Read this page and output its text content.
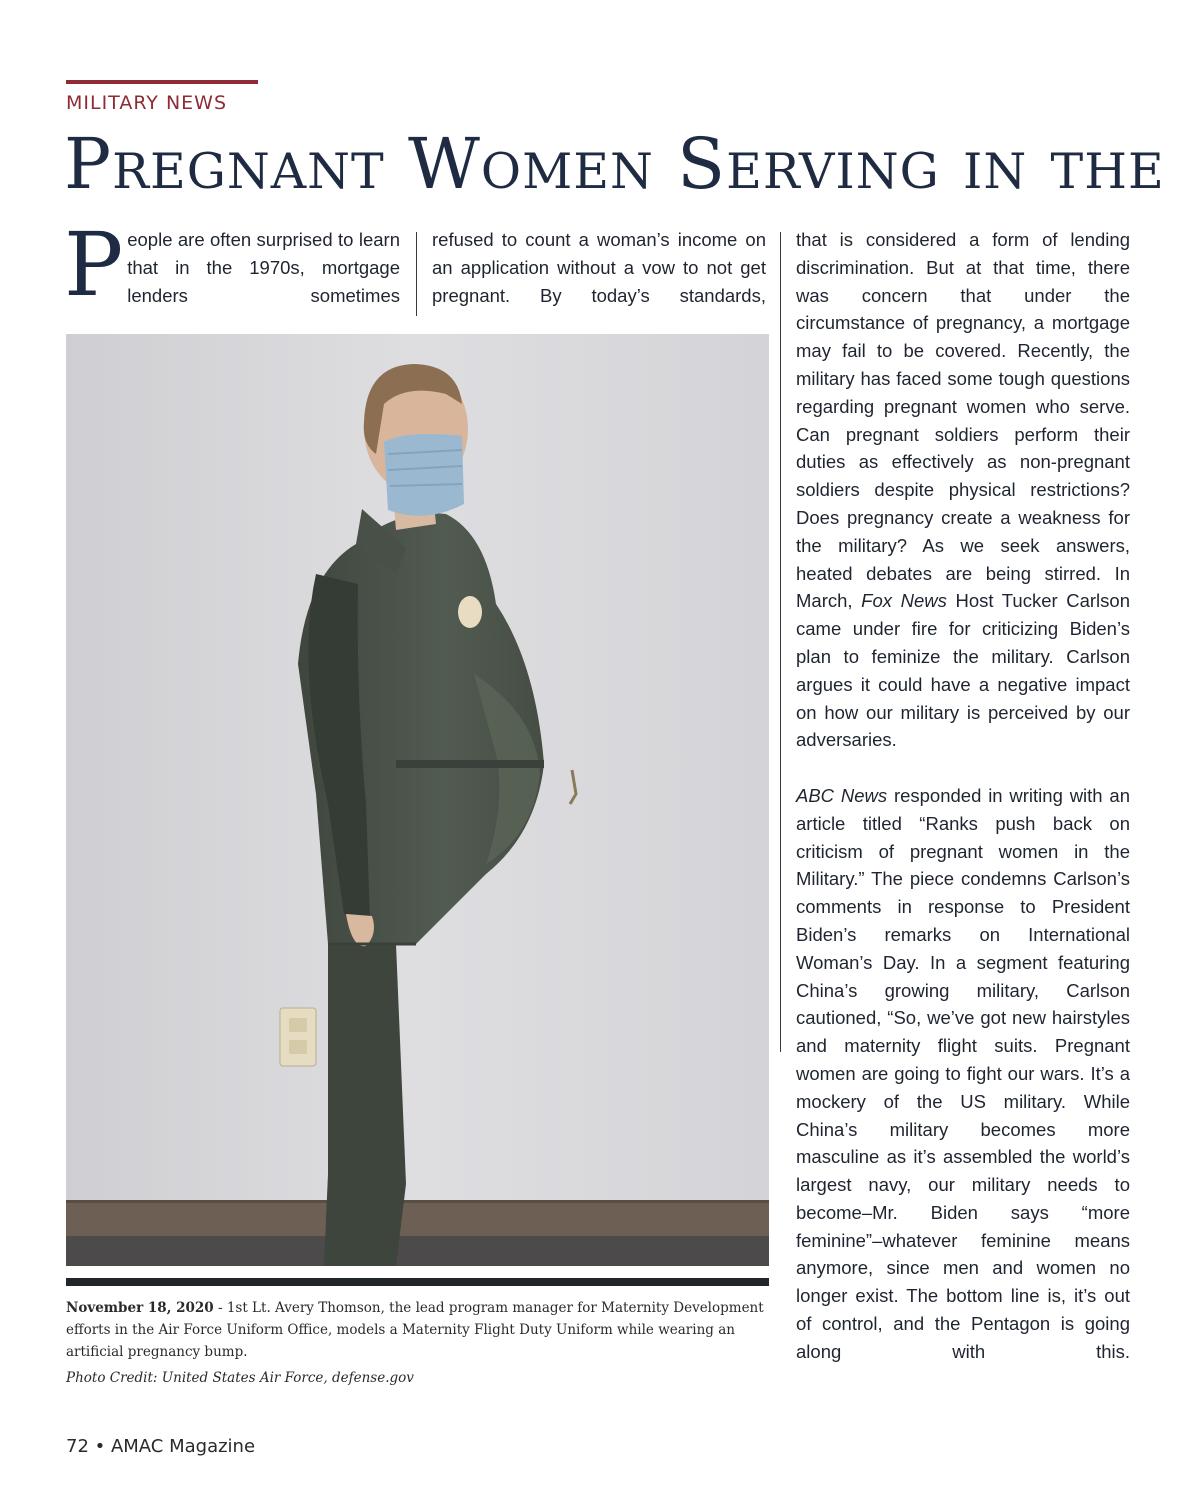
MILITARY NEWS
Pregnant Women Serving in the
P eople are often surprised to learn that in the 1970s, mortgage lenders sometimes
refused to count a woman’s income on an application without a vow to not get pregnant. By today’s standards,

that is considered a form of lending discrimination. But at that time, there was concern that under the circumstance of pregnancy, a mortgage may fail to be covered. Recently, the military has faced some tough questions regarding pregnant women who serve. Can pregnant soldiers perform their duties as effectively as non-pregnant soldiers despite physical restrictions? Does pregnancy create a weakness for the military? As we seek answers, heated debates are being stirred. In March, Fox News Host Tucker Carlson came under fire for criticizing Biden’s plan to feminize the military. Carlson argues it could have a negative impact on how our military is perceived by our adversaries.

ABC News responded in writing with an article titled “Ranks push back on criticism of pregnant women in the Military.” The piece condemns Carlson’s comments in response to President Biden’s remarks on International Woman’s Day. In a segment featuring China’s growing military, Carlson cautioned, “So, we’ve got new hairstyles and maternity flight suits. Pregnant women are going to fight our wars. It’s a mockery of the US military. While China’s military becomes more masculine as it’s assembled the world’s largest navy, our military needs to become–Mr. Biden says “more feminine”–whatever feminine means anymore, since men and women no longer exist. The bottom line is, it’s out of control, and the Pentagon is going along with this.

November 18, 2020 - 1st Lt. Avery Thomson, the lead program manager for Maternity Development efforts in the Air Force Uniform Office, models a Maternity Flight Duty Uniform while wearing an artificial pregnancy bump.

Photo Credit: United States Air Force, defense.gov

72 • AMAC Magazine
